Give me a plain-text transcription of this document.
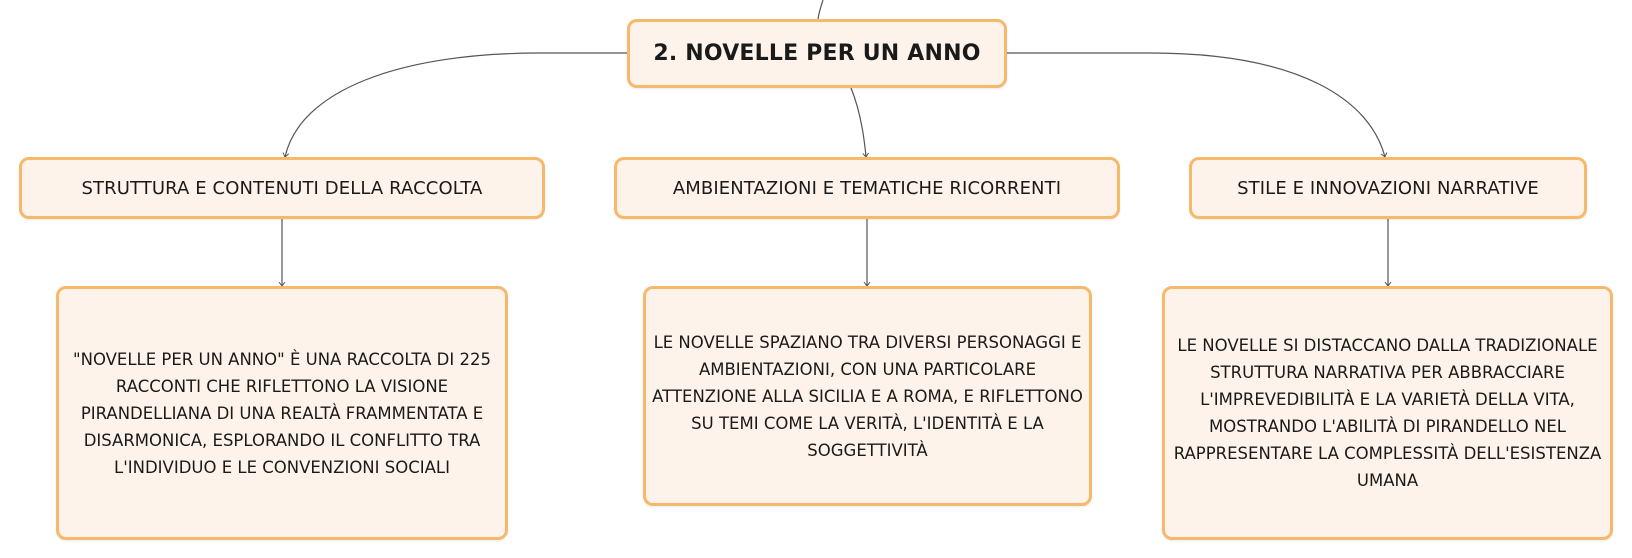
2. NOVELLE PER UN ANNO
STRUTTURA E CONTENUTI DELLA RACCOLTA	AMBIENTAZIONI E TEMATICHE RICORRENTI	STILE E INNOVAZIONI NARRATIVE
"NOVELLE PER UN ANNO" È UNA RACCOLTA DI 225 RACCONTI CHE RIFLETTONO LA VISIONE PIRANDELLIANA DI UNA REALTÀ FRAMMENTATA E DISARMONICA, ESPLORANDO IL CONFLITTO TRA L'INDIVIDUO E LE CONVENZIONI SOCIALI
LE NOVELLE SPAZIANO TRA DIVERSI PERSONAGGI E AMBIENTAZIONI, CON UNA PARTICOLARE ATTENZIONE ALLA SICILIA E A ROMA, E RIFLETTONO SU TEMI COME LA VERITÀ, L'IDENTITÀ E LA SOGGETTIVITÀ
LE NOVELLE SI DISTACCANO DALLA TRADIZIONALE STRUTTURA NARRATIVA PER ABBRACCIARE L'IMPREVEDIBILITÀ E LA VARIETÀ DELLA VITA, MOSTRANDO L'ABILITÀ DI PIRANDELLO NEL RAPPRESENTARE LA COMPLESSITÀ DELL'ESISTENZA UMANA
